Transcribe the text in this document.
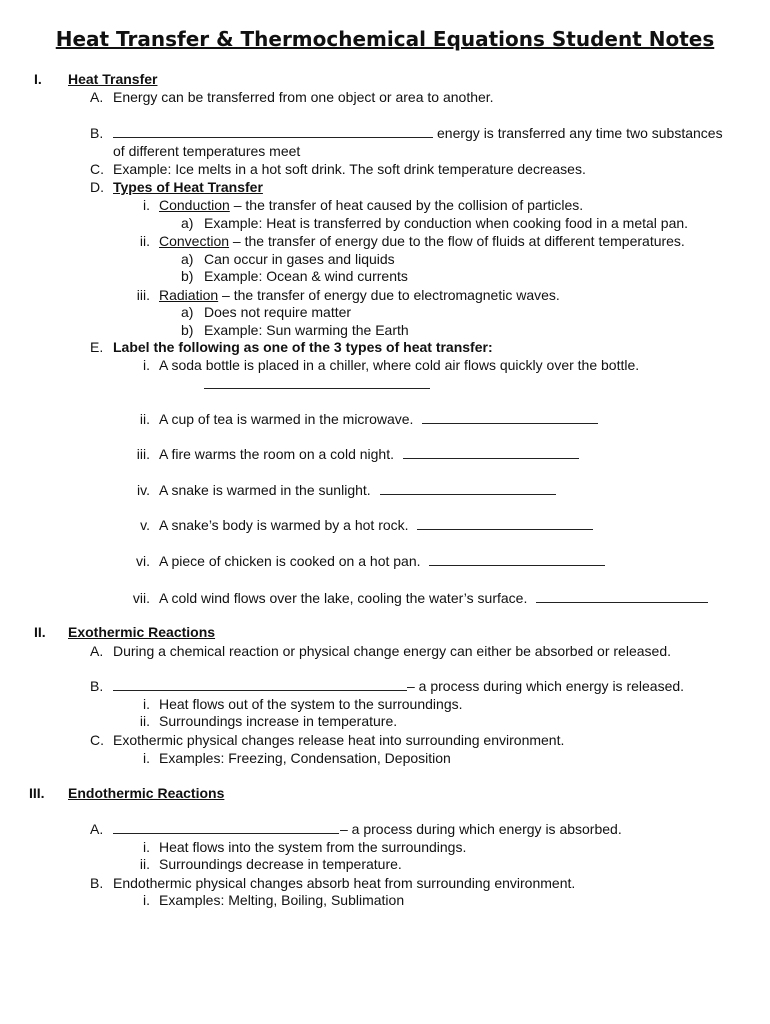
Heat Transfer & Thermochemical Equations Student Notes
I. Heat Transfer
A. Energy can be transferred from one object or area to another.
B.	energy is transferred any time two substances
of different temperatures meet
C. Example: Ice melts in a hot soft drink. The soft drink temperature decreases.
D. Types of Heat Transfer
i. Conduction – the transfer of heat caused by the collision of particles.
a) Example: Heat is transferred by conduction when cooking food in a metal pan.
ii. Convection – the transfer of energy due to the flow of fluids at different temperatures.
a) Can occur in gases and liquids
b) Example: Ocean & wind currents
iii. Radiation – the transfer of energy due to electromagnetic waves.
a) Does not require matter
b) Example: Sun warming the Earth
E. Label the following as one of the 3 types of heat transfer:
i. A soda bottle is placed in a chiller, where cold air flows quickly over the bottle.
ii. A cup of tea is warmed in the microwave.
iii. A fire warms the room on a cold night.
iv. A snake is warmed in the sunlight.
v. A snake’s body is warmed by a hot rock.
vi. A piece of chicken is cooked on a hot pan.
vii. A cold wind flows over the lake, cooling the water’s surface.
II. Exothermic Reactions
A. During a chemical reaction or physical change energy can either be absorbed or released.
B.	– a process during which energy is released.
i. Heat flows out of the system to the surroundings.
ii. Surroundings increase in temperature.
C. Exothermic physical changes release heat into surrounding environment.
i. Examples: Freezing, Condensation, Deposition
III. Endothermic Reactions
A.	– a process during which energy is absorbed.
i. Heat flows into the system from the surroundings.
ii. Surroundings decrease in temperature.
B. Endothermic physical changes absorb heat from surrounding environment.
i. Examples: Melting, Boiling, Sublimation
